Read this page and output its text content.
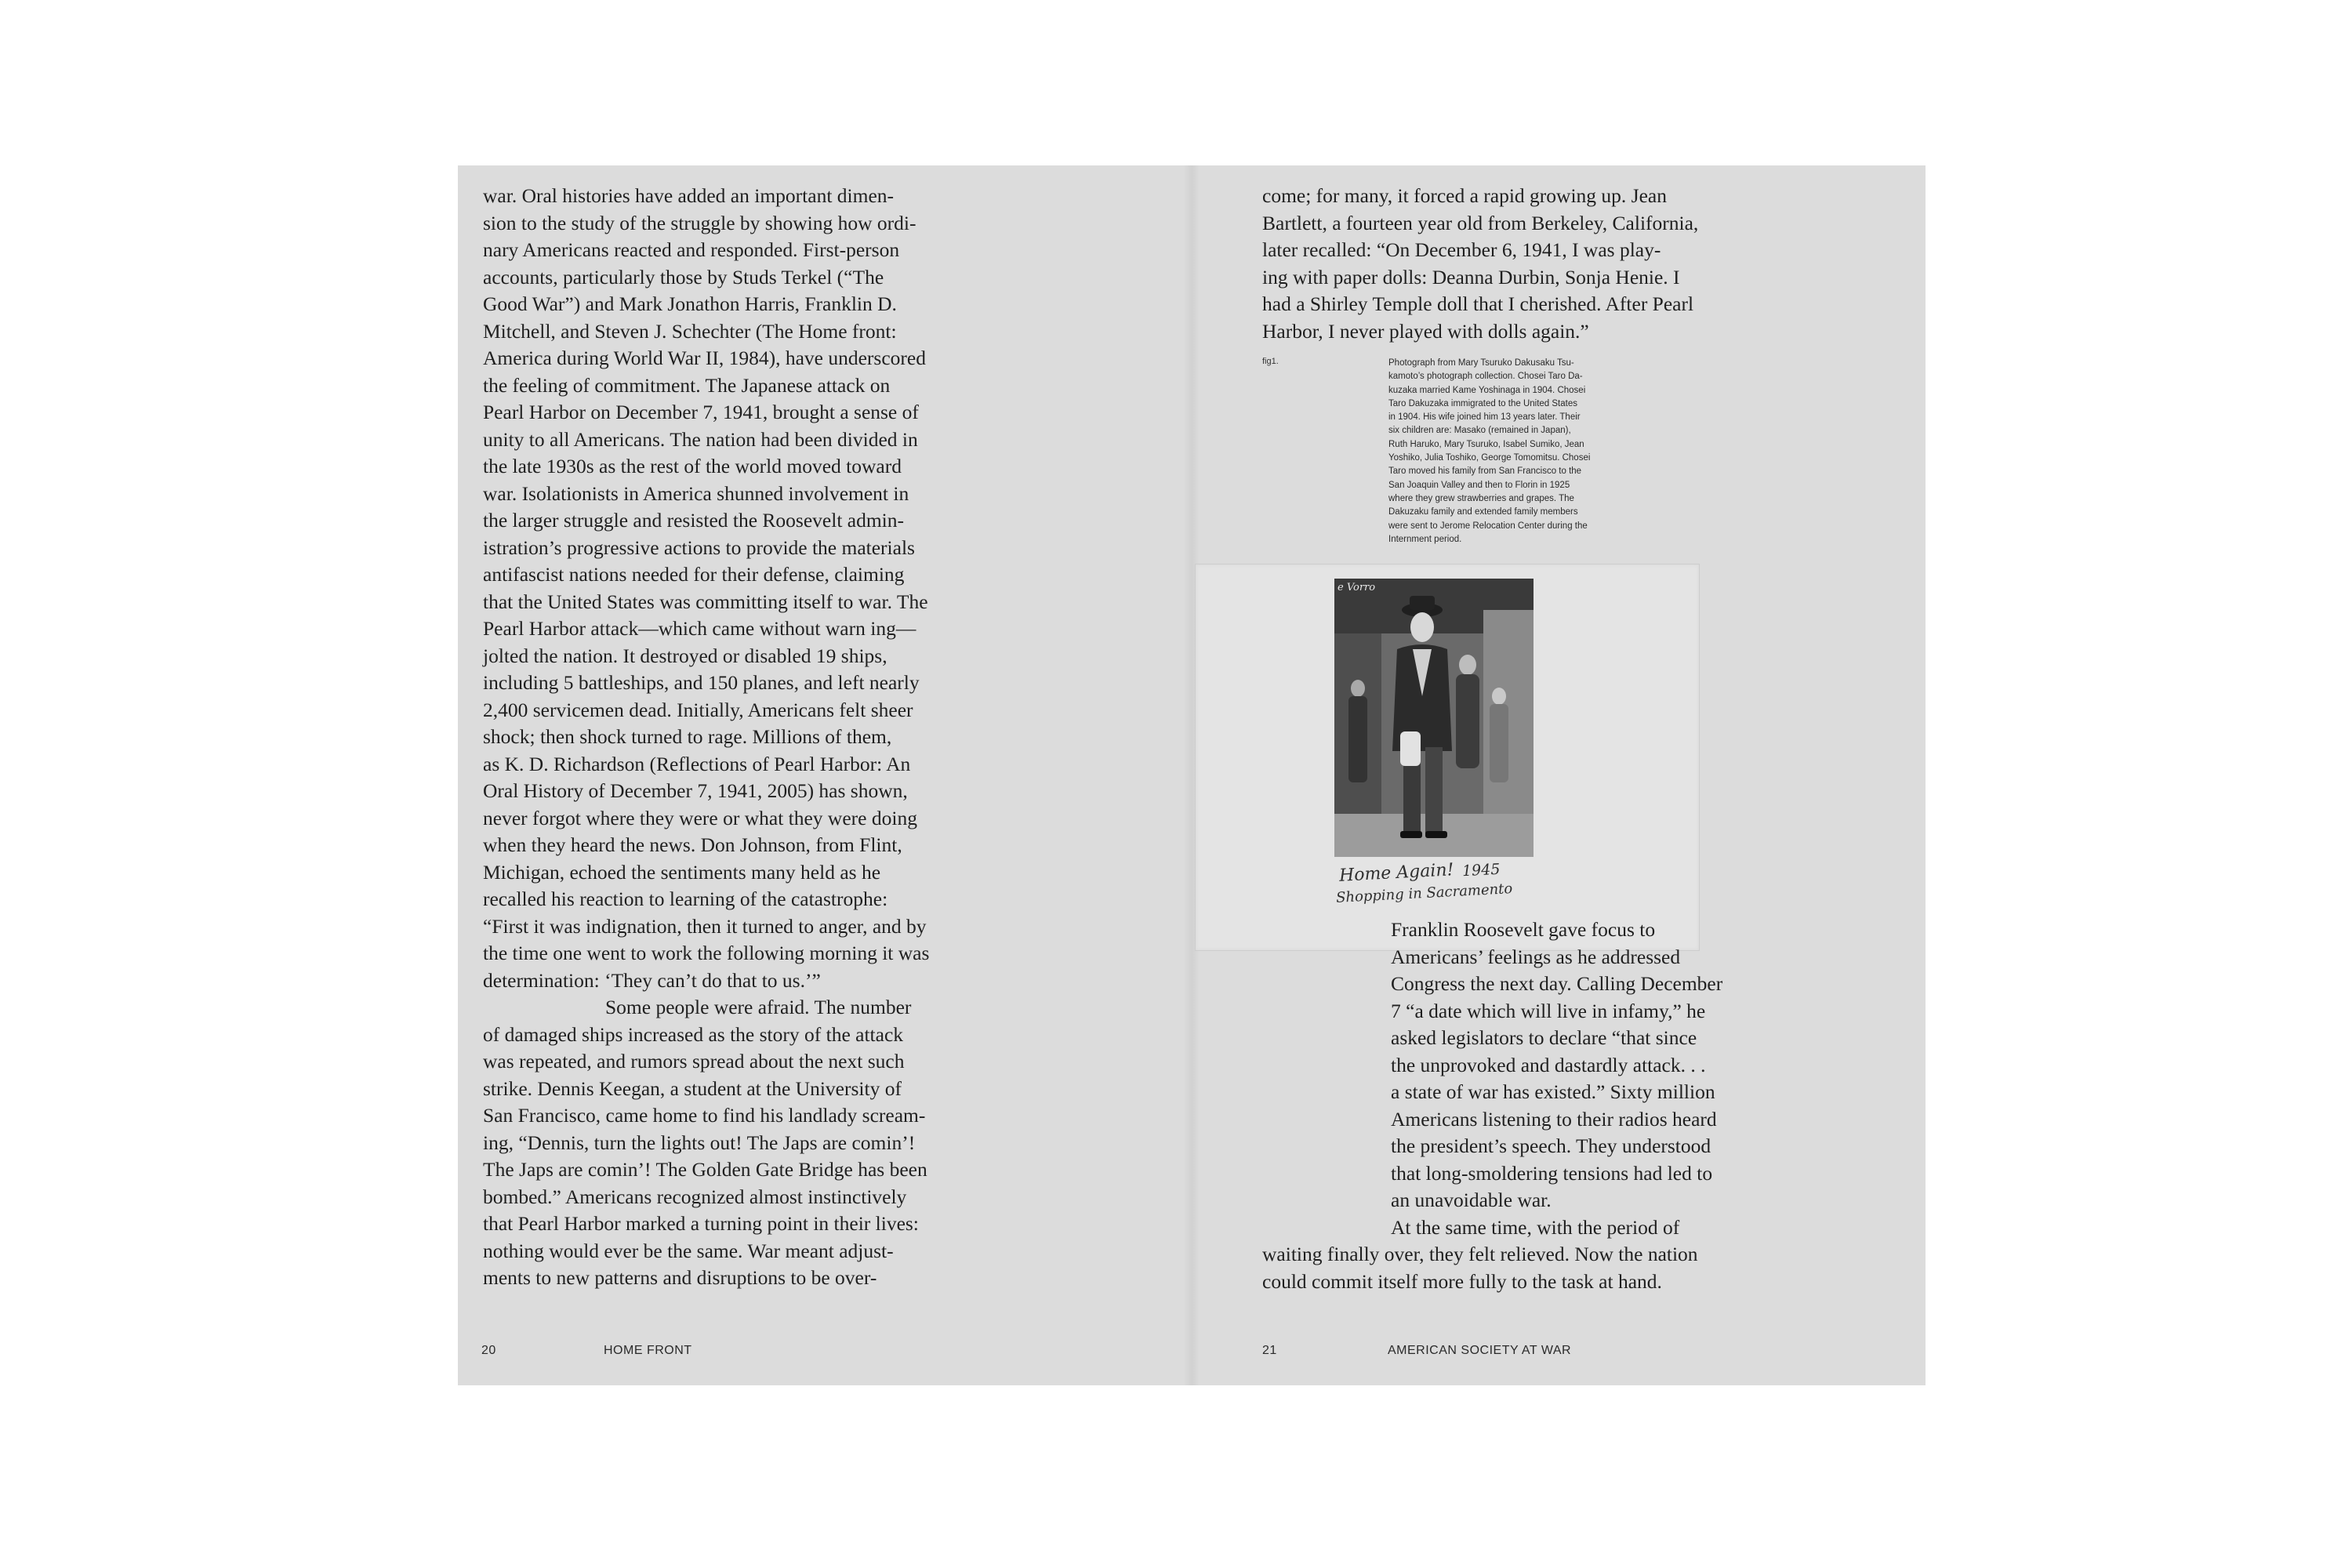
war. Oral histories have added an important dimen-
sion to the study of the struggle by showing how ordi-
nary Americans reacted and responded. First-person
accounts, particularly those by Studs Terkel (“The
Good War”) and Mark Jonathon Harris, Franklin D.
Mitchell, and Steven J. Schechter (The Home front:
America during World War II, 1984), have underscored
the feeling of commitment. The Japanese attack on
Pearl Harbor on December 7, 1941, brought a sense of
unity to all Americans. The nation had been divided in
the late 1930s as the rest of the world moved toward
war. Isolationists in America shunned involvement in
the larger struggle and resisted the Roosevelt admin-
istration’s progressive actions to provide the materials
antifascist nations needed for their defense, claiming
that the United States was committing itself to war. The
Pearl Harbor attack—which came without warn ing—
jolted the nation. It destroyed or disabled 19 ships,
including 5 battleships, and 150 planes, and left nearly
2,400 servicemen dead. Initially, Americans felt sheer
shock; then shock turned to rage. Millions of them,
as K. D. Richardson (Reflections of Pearl Harbor: An
Oral History of December 7, 1941, 2005) has shown,
never forgot where they were or what they were doing
when they heard the news. Don Johnson, from Flint,
Michigan, echoed the sentiments many held as he
recalled his reaction to learning of the catastrophe:
“First it was indignation, then it turned to anger, and by
the time one went to work the following morning it was
determination: ‘They can’t do that to us.’”
Some people were afraid. The number
of damaged ships increased as the story of the attack
was repeated, and rumors spread about the next such
strike. Dennis Keegan, a student at the University of
San Francisco, came home to find his landlady scream-
ing, “Dennis, turn the lights out! The Japs are comin’!
The Japs are comin’! The Golden Gate Bridge has been
bombed.” Americans recognized almost instinctively
that Pearl Harbor marked a turning point in their lives:
nothing would ever be the same. War meant adjust-
ments to new patterns and disruptions to be over-
20	HOME FRONT
come; for many, it forced a rapid growing up. Jean
Bartlett, a fourteen year old from Berkeley, California,
later recalled: “On December 6, 1941, I was play-
ing with paper dolls: Deanna Durbin, Sonja Henie. I
had a Shirley Temple doll that I cherished. After Pearl
Harbor, I never played with dolls again.”
fig1.	Photograph from Mary Tsuruko Dakusaku Tsu-
kamoto’s photograph collection. Chosei Taro Da-
kuzaka married Kame Yoshinaga in 1904. Chosei
Taro Dakuzaka immigrated to the United States
in 1904. His wife joined him 13 years later. Their
six children are: Masako (remained in Japan),
Ruth Haruko, Mary Tsuruko, Isabel Sumiko, Jean
Yoshiko, Julia Toshiko, George Tomomitsu. Chosei
Taro moved his family from San Francisco to the
San Joaquin Valley and then to Florin in 1925
where they grew strawberries and grapes. The
Dakuzaku family and extended family members
were sent to Jerome Relocation Center during the
Internment period.
e Vorro
Home Again! 1945
Shopping in Sacramento
Franklin Roosevelt gave focus to
Americans’ feelings as he addressed
Congress the next day. Calling December
7 “a date which will live in infamy,” he
asked legislators to declare “that since
the unprovoked and dastardly attack. . .
a state of war has existed.” Sixty million
Americans listening to their radios heard
the president’s speech. They understood
that long-smoldering tensions had led to
an unavoidable war.
At the same time, with the period of
waiting finally over, they felt relieved. Now the nation
could commit itself more fully to the task at hand.
21	AMERICAN SOCIETY AT WAR
